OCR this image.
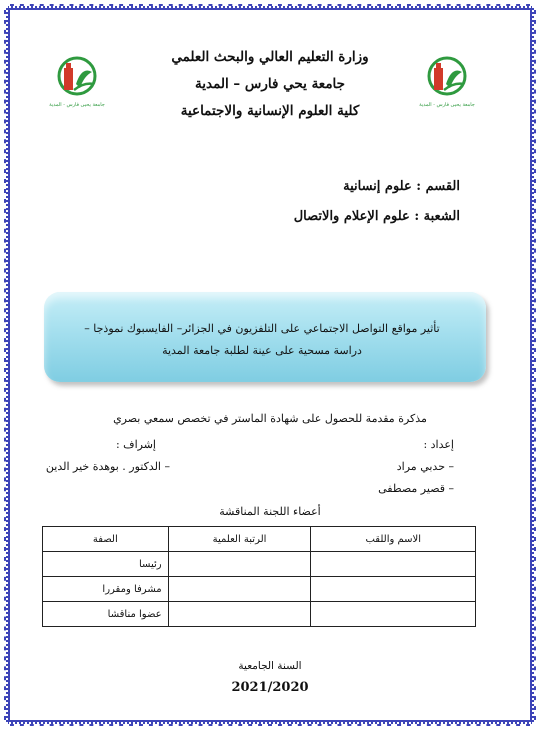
جامعة يحيى فارس - المدية
جامعة يحيى فارس - المدية
وزارة التعليم العالي والبحث العلمي
جامعة يحي فارس – المدية
كلية العلوم الإنسانية والاجتماعية
القسم : علوم إنسانية
الشعبة : علوم الإعلام والاتصال
تأثير مواقع التواصل الاجتماعي على التلفزيون في الجزائر– الفايسبوك نموذجا –
دراسة مسحية على عينة لطلبة جامعة المدية
مذكرة مقدمة للحصول على شهادة الماستر في تخصص سمعي بصري
إعداد :
إشراف :
– حدبي مراد
– قصير مصطفى
– الدكتور . بوهدة خير الدين
أعضاء اللجنة المناقشة
الاسم واللقب	الرتبة العلمية	الصفة
		رئيسا
		مشرفا ومقررا
		عضوا مناقشا
السنة الجامعية
2021/2020
